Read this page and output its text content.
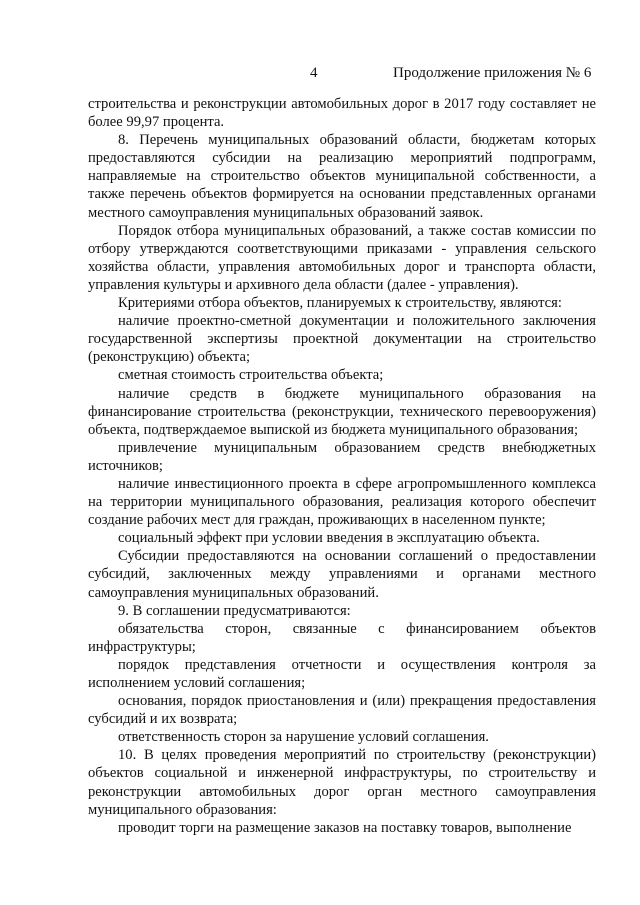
4	Продолжение приложения № 6

строительства и реконструкции автомобильных дорог в 2017 году составляет не более 99,97 процента.

8. Перечень муниципальных образований области, бюджетам которых предоставляются субсидии на реализацию мероприятий подпрограмм, направляемые на строительство объектов муниципальной собственности, а также перечень объектов формируется на основании представленных органами местного самоуправления муниципальных образований заявок.

Порядок отбора муниципальных образований, а также состав комиссии по отбору утверждаются соответствующими приказами - управления сельского хозяйства области, управления автомобильных дорог и транспорта области, управления культуры и архивного дела области (далее - управления).

Критериями отбора объектов, планируемых к строительству, являются:

наличие проектно-сметной документации и положительного заключения государственной экспертизы проектной документации на строительство (реконструкцию) объекта;

сметная стоимость строительства объекта;

наличие средств в бюджете муниципального образования на финансирование строительства (реконструкции, технического перевооружения) объекта, подтверждаемое выпиской из бюджета муниципального образования;

привлечение муниципальным образованием средств внебюджетных источников;

наличие инвестиционного проекта в сфере агропромышленного комплекса на территории муниципального образования, реализация которого обеспечит создание рабочих мест для граждан, проживающих в населенном пункте;

социальный эффект при условии введения в эксплуатацию объекта.

Субсидии предоставляются на основании соглашений о предоставлении субсидий, заключенных между управлениями и органами местного самоуправления муниципальных образований.

9. В соглашении предусматриваются:

обязательства сторон, связанные с финансированием объектов инфраструктуры;

порядок представления отчетности и осуществления контроля за исполнением условий соглашения;

основания, порядок приостановления и (или) прекращения предоставления субсидий и их возврата;

ответственность сторон за нарушение условий соглашения.

10. В целях проведения мероприятий по строительству (реконструкции) объектов социальной и инженерной инфраструктуры, по строительству и реконструкции автомобильных дорог орган местного самоуправления муниципального образования:

проводит торги на размещение заказов на поставку товаров, выполнение
